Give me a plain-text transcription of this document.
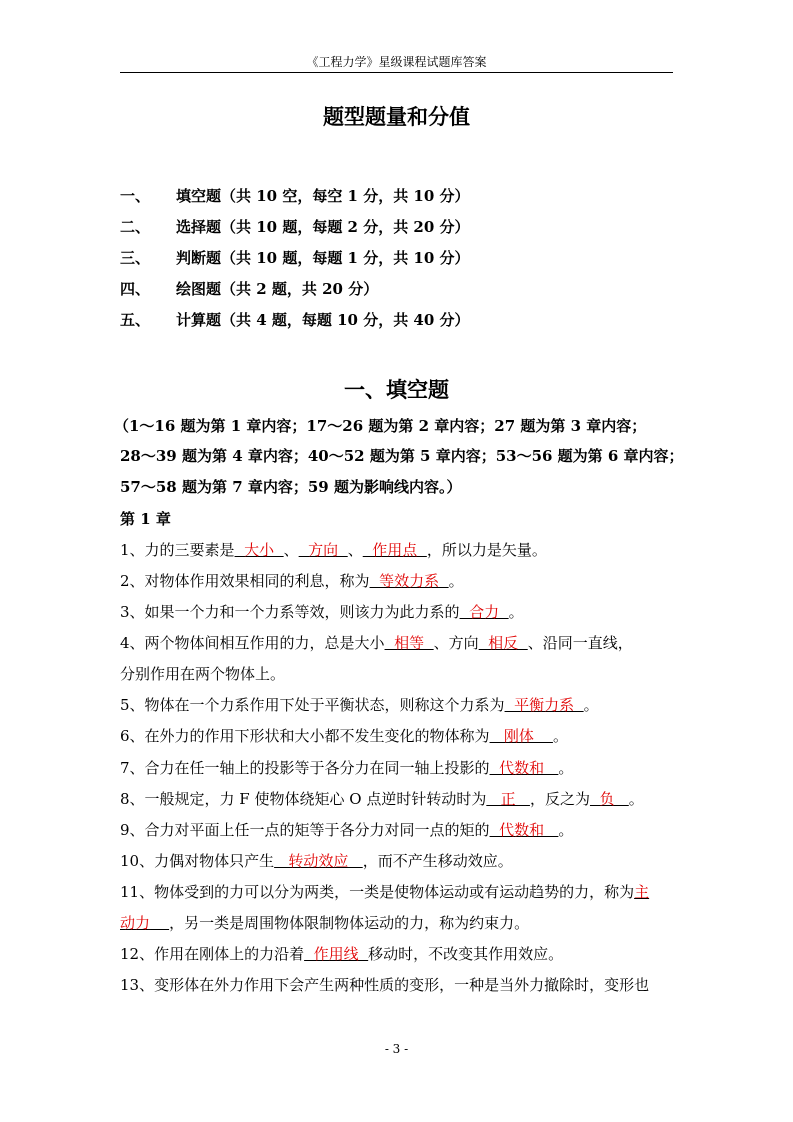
《工程力学》星级课程试题库答案
题型题量和分值
一、 填空题（共 10 空，每空 1 分，共 10 分）
二、 选择题（共 10 题，每题 2 分，共 20 分）
三、 判断题（共 10 题，每题 1 分，共 10 分）
四、 绘图题（共 2 题，共 20 分）
五、 计算题（共 4 题，每题 10 分，共 40 分）
一、填空题
（1～16 题为第 1 章内容；17～26 题为第 2 章内容；27 题为第 3 章内容；
28～39 题为第 4 章内容；40～52 题为第 5 章内容；53～56 题为第 6 章内容；
57～58 题为第 7 章内容；59 题为影响线内容。）
第 1 章
1、力的三要素是  大小  、  方向  、  作用点  ，所以力是矢量。
2、对物体作用效果相同的利息，称为  等效力系  。
3、如果一个力和一个力系等效，则该力为此力系的  合力  。
4、两个物体间相互作用的力，总是大小  相等  、方向  相反  、沿同一直线，
分别作用在两个物体上。
5、物体在一个力系作用下处于平衡状态，则称这个力系为  平衡力系  。
6、在外力的作用下形状和大小都不发生变化的物体称为   刚体    。
7、合力在任一轴上的投影等于各分力在同一轴上投影的  代数和   。
8、一般规定，力 F 使物体绕矩心 O 点逆时针转动时为   正   ，反之为  负   。
9、合力对平面上任一点的矩等于各分力对同一点的矩的  代数和   。
10、力偶对物体只产生   转动效应   ，而不产生移动效应。
11、物体受到的力可以分为两类，一类是使物体运动或有运动趋势的力，称为主
动力 ，另一类是周围物体限制物体运动的力，称为约束力。
12、作用在刚体上的力沿着  作用线  移动时，不改变其作用效应。
13、变形体在外力作用下会产生两种性质的变形，一种是当外力撤除时，变形也
- 3 -
